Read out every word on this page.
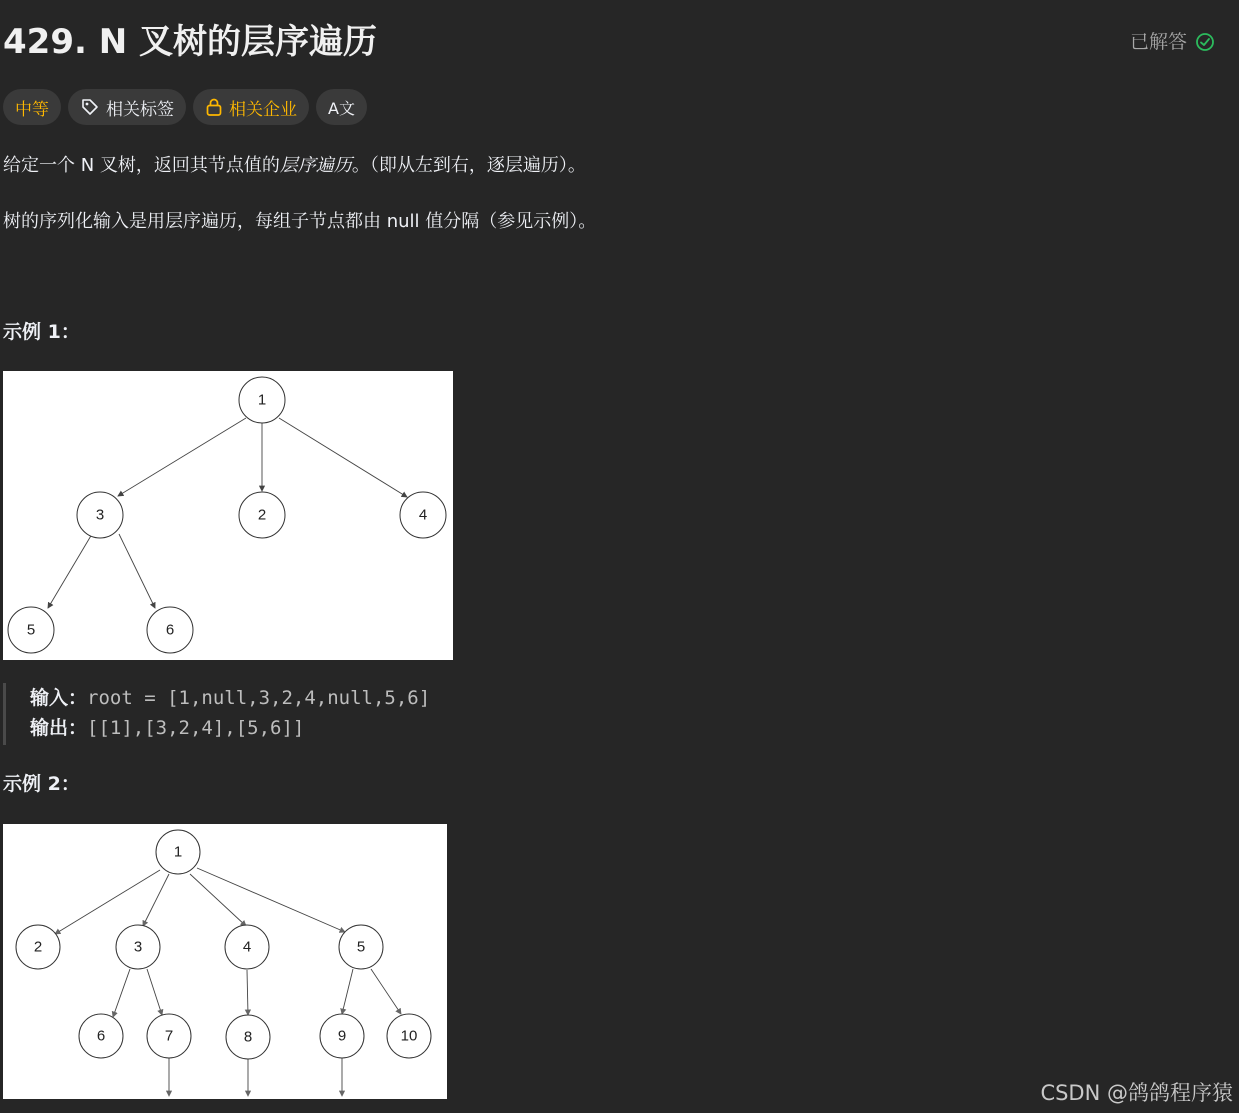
429. N 叉树的层序遍历	已解答
中等	相关标签	相关企业 A文
给定一个 N 叉树，返回其节点值的层序遍历。（即从左到右，逐层遍历）。
树的序列化输入是用层序遍历，每组子节点都由 null 值分隔（参见示例）。
示例 1：
1
3	2	4
5	6
输入： root = [1,null,3,2,4,null,5,6]
输出： [[1],[3,2,4],[5,6]]
示例 2：
1
2	3	4	5
6	7	8	9	10
CSDN @鸽鸽程序猿
